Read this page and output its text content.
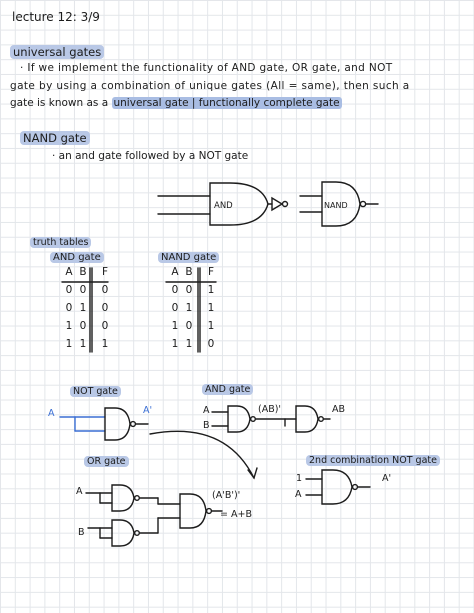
lecture 12: 3/9
universal gates
· If we implement the functionality of AND gate, OR gate, and NOT
gate by using a combination of unique gates (All = same), then such a
gate is known as a universal gate | functionally complete gate
NAND gate
· an and gate followed by a NOT gate
AND	NAND
truth tables
AND gate	NAND gate
A B	F
0 0	0
0 1	0
1 0	0
1 1	1
A B	F
0 0	1
0 1	1
1 0	1
1 1	0
NOT gate
A	A'
AND gate
A
B
(AB)'	AB
OR gate
A
B
(A'B')'
= A+B
2nd combination NOT gate
1
A
A'
